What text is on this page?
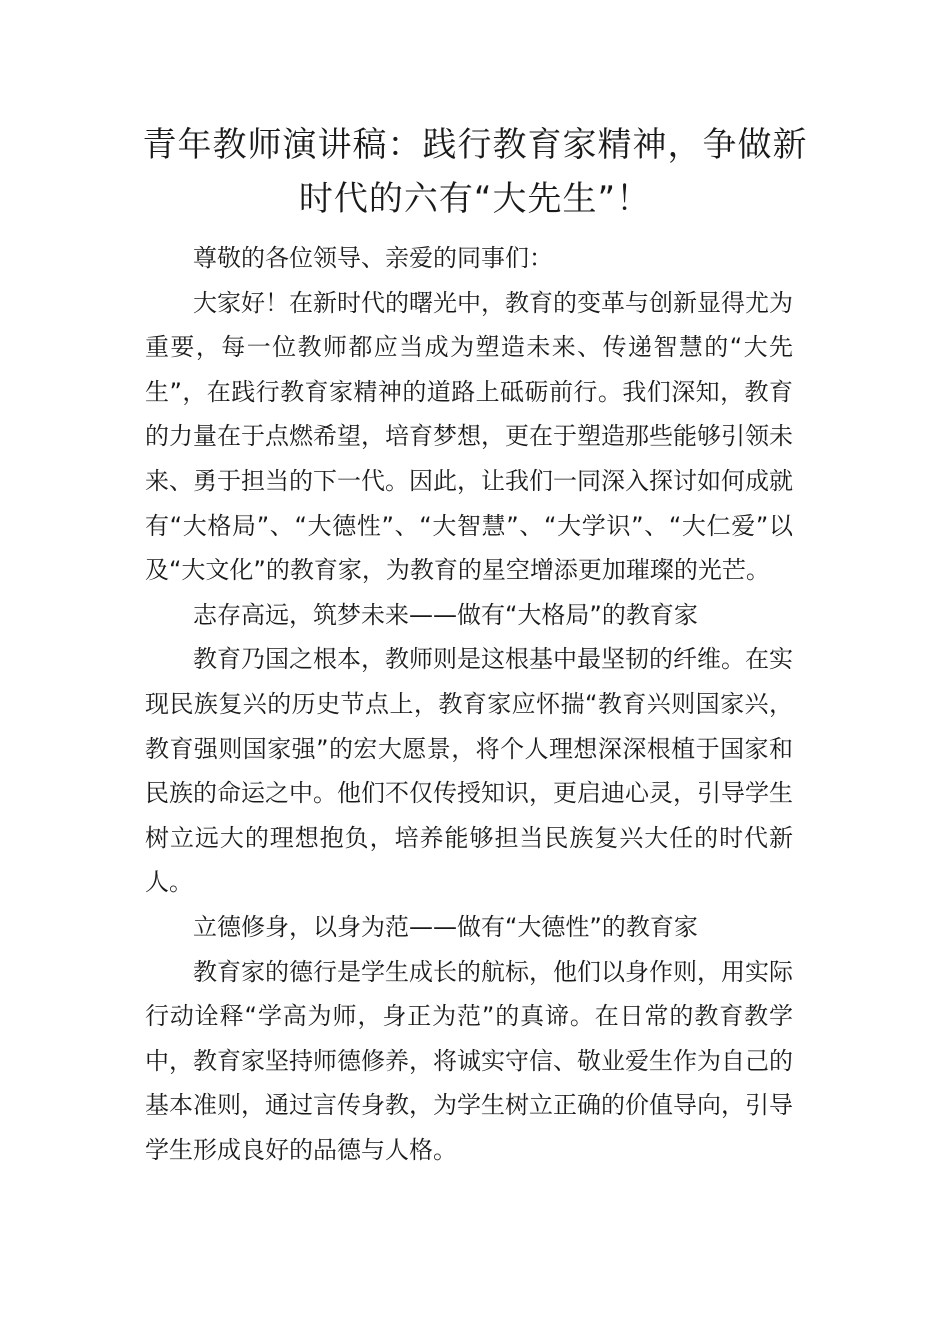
青年教师演讲稿：践行教育家精神，争做新时代的六有“大先生”！

尊敬的各位领导、亲爱的同事们：

大家好！在新时代的曙光中，教育的变革与创新显得尤为重要，每一位教师都应当成为塑造未来、传递智慧的“大先生”，在践行教育家精神的道路上砥砺前行。我们深知，教育的力量在于点燃希望，培育梦想，更在于塑造那些能够引领未来、勇于担当的下一代。因此，让我们一同深入探讨如何成就有“大格局”、“大德性”、“大智慧”、“大学识”、“大仁爱”以及“大文化”的教育家，为教育的星空增添更加璀璨的光芒。

志存高远，筑梦未来——做有“大格局”的教育家

教育乃国之根本，教师则是这根基中最坚韧的纤维。在实现民族复兴的历史节点上，教育家应怀揣“教育兴则国家兴，教育强则国家强”的宏大愿景，将个人理想深深根植于国家和民族的命运之中。他们不仅传授知识，更启迪心灵，引导学生树立远大的理想抱负，培养能够担当民族复兴大任的时代新人。

立德修身，以身为范——做有“大德性”的教育家

教育家的德行是学生成长的航标，他们以身作则，用实际行动诠释“学高为师，身正为范”的真谛。在日常的教育教学中，教育家坚持师德修养，将诚实守信、敬业爱生作为自己的基本准则，通过言传身教，为学生树立正确的价值导向，引导学生形成良好的品德与人格。
